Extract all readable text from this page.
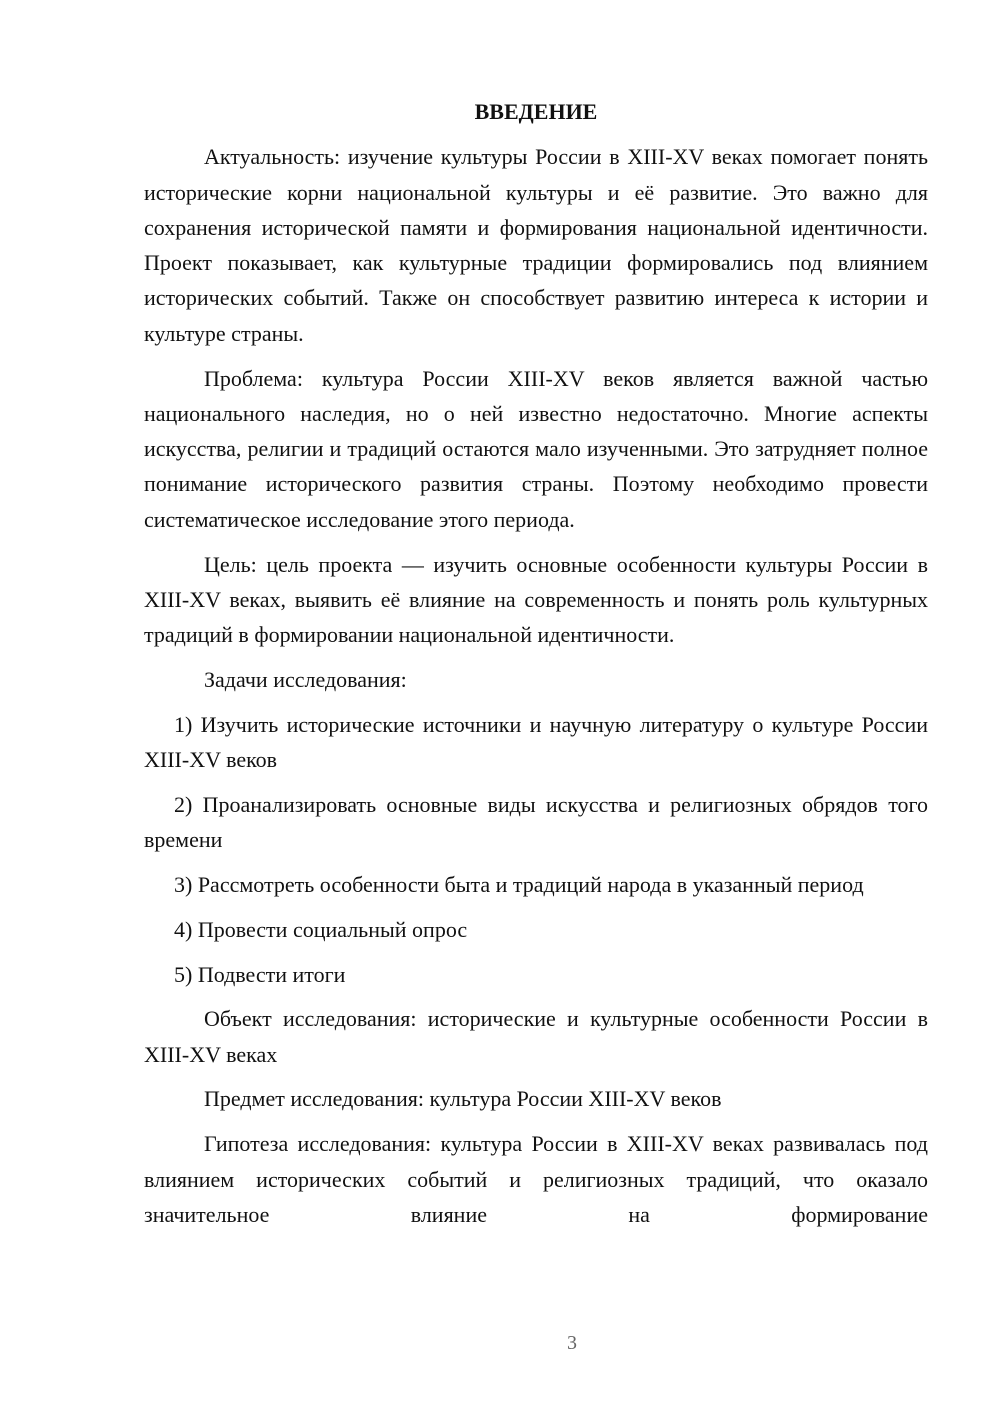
ВВЕДЕНИЕ

Актуальность: изучение культуры России в XIII-XV веках помогает понять исторические корни национальной культуры и её развитие. Это важно для сохранения исторической памяти и формирования национальной идентичности. Проект показывает, как культурные традиции формировались под влиянием исторических событий. Также он способствует развитию интереса к истории и культуре страны.

Проблема: культура России XIII-XV веков является важной частью национального наследия, но о ней известно недостаточно. Многие аспекты искусства, религии и традиций остаются мало изученными. Это затрудняет полное понимание исторического развития страны. Поэтому необходимо провести систематическое исследование этого периода.

Цель: цель проекта — изучить основные особенности культуры России в XIII-XV веках, выявить её влияние на современность и понять роль культурных традиций в формировании национальной идентичности.

Задачи исследования:

1) Изучить исторические источники и научную литературу о культуре России XIII-XV веков

2) Проанализировать основные виды искусства и религиозных обрядов того времени

3) Рассмотреть особенности быта и традиций народа в указанный период

4) Провести социальный опрос

5) Подвести итоги

Объект исследования: исторические и культурные особенности России в XIII-XV веках

Предмет исследования: культура России XIII-XV веков

Гипотеза исследования: культура России в XIII-XV веках развивалась под влиянием исторических событий и религиозных традиций, что оказало значительное влияние на формирование

3
